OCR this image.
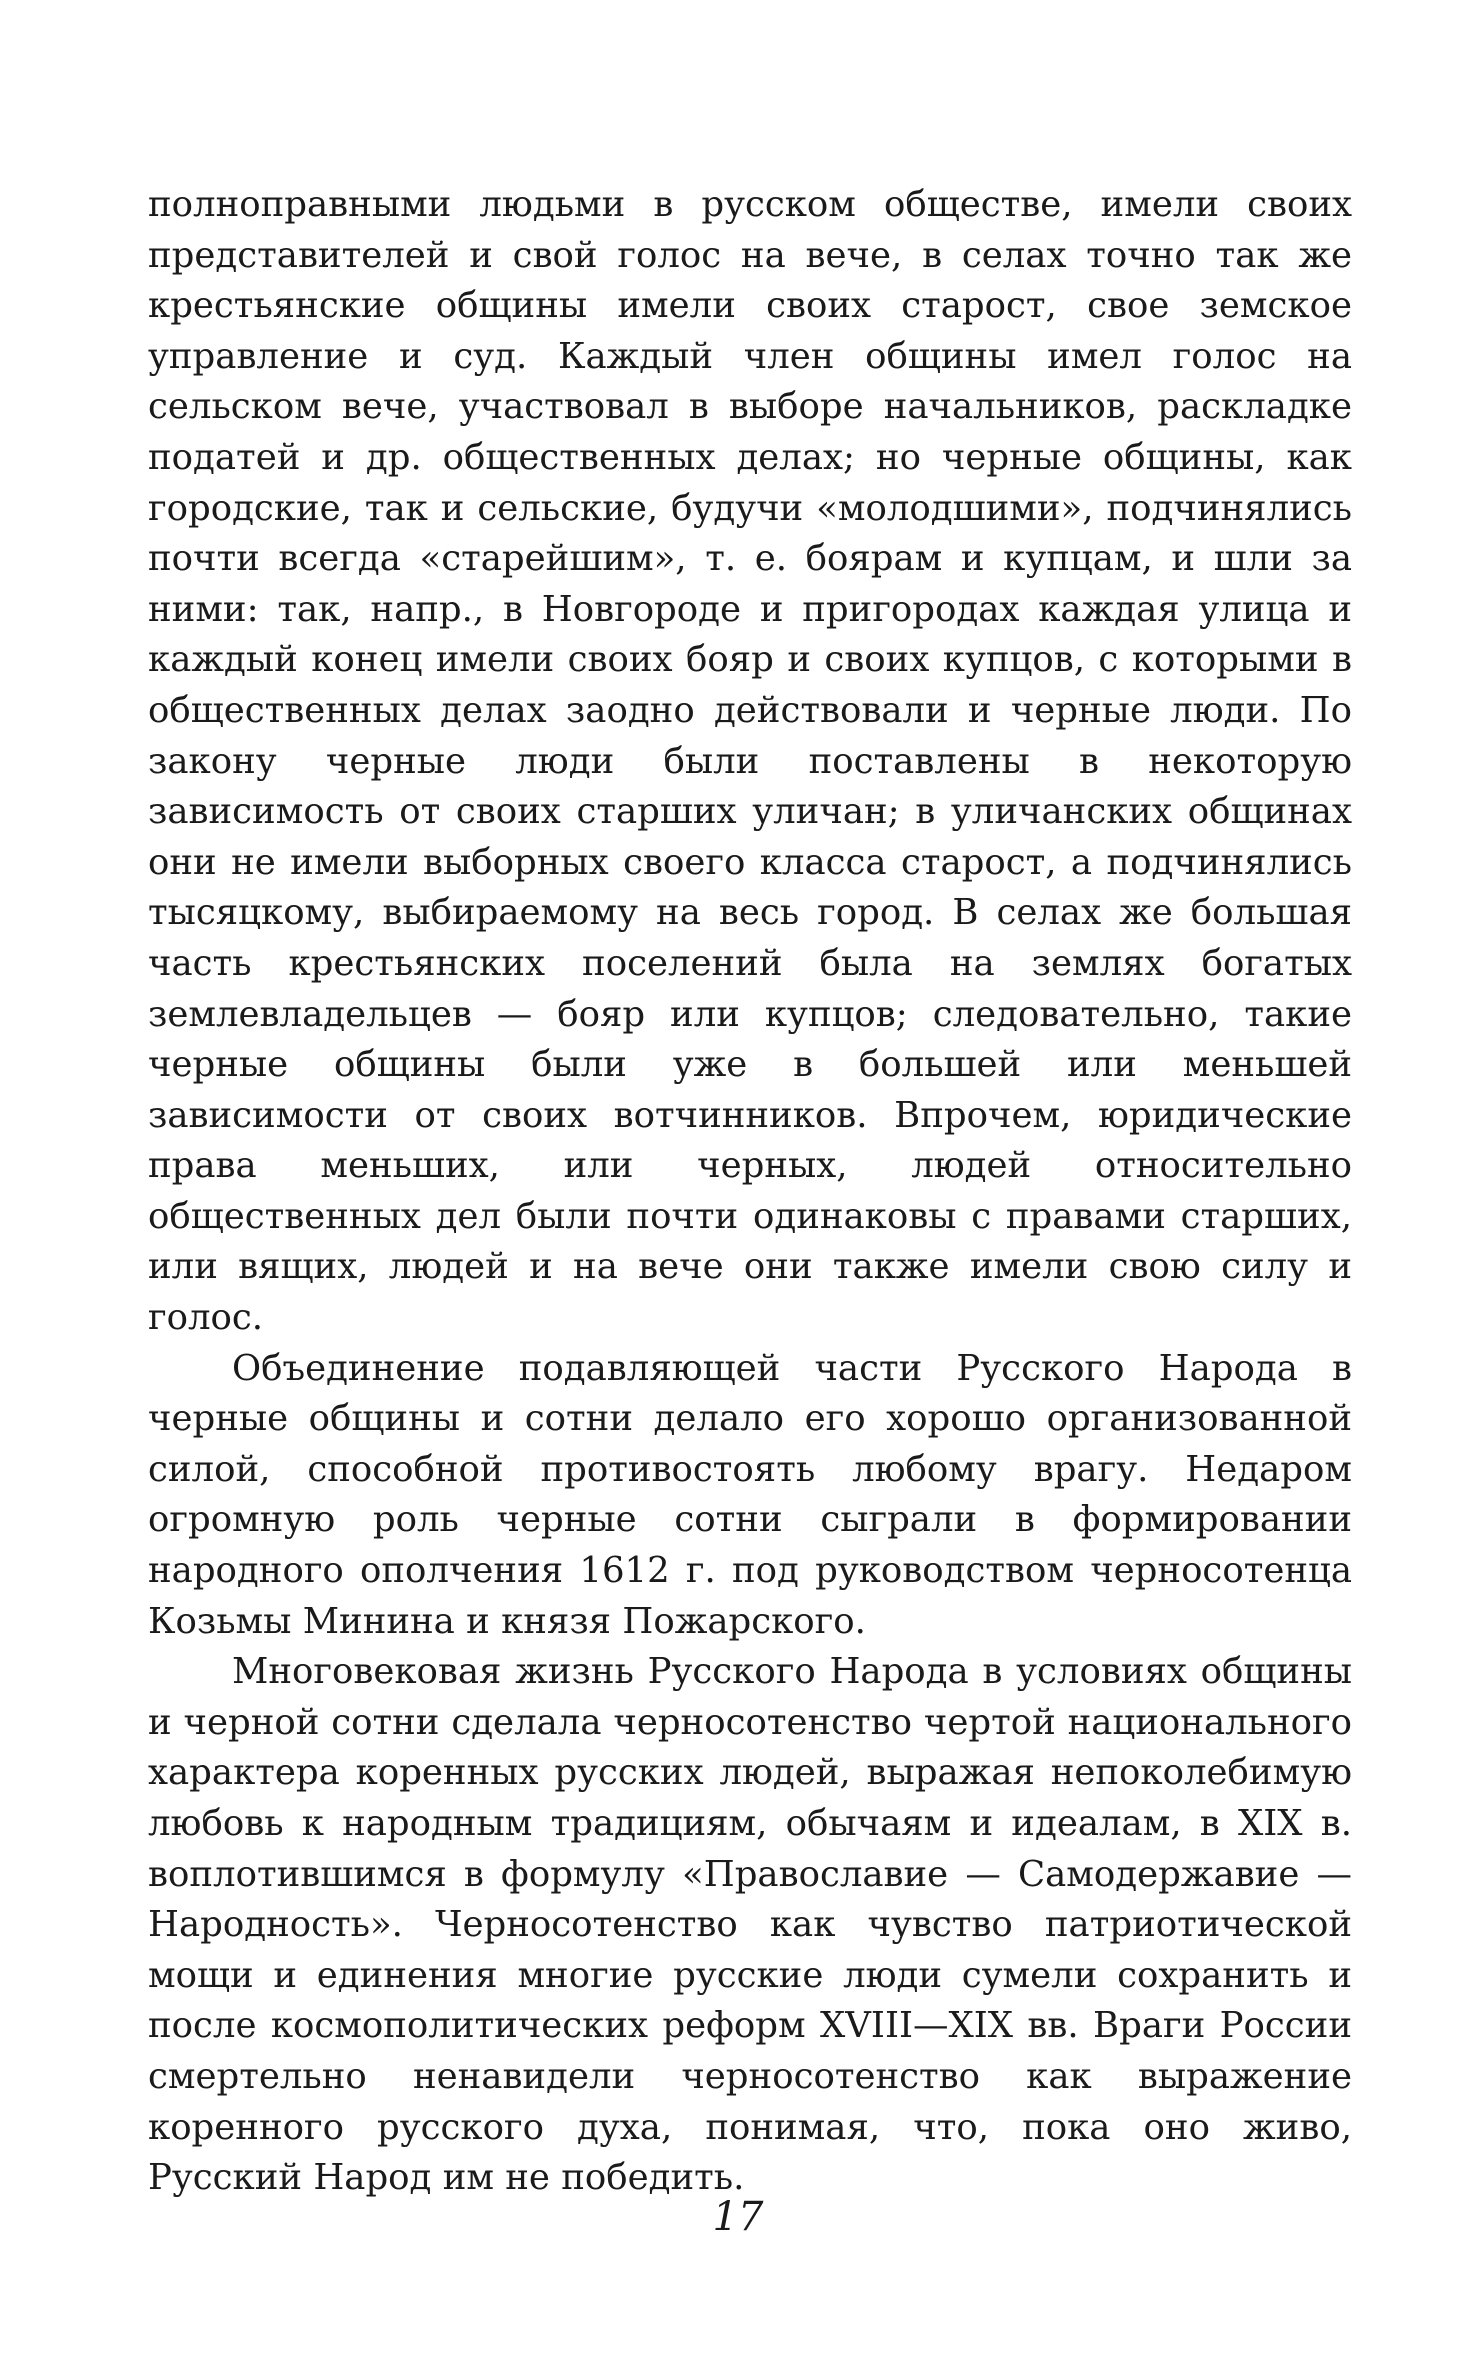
полноправными людьми в русском обществе, имели своих представителей и свой голос на вече, в селах точно так же крестьянские общины имели своих старост, свое земское управление и суд. Каждый член общины имел голос на сельском вече, участвовал в выборе начальников, раскладке податей и др. общественных делах; но черные общины, как городские, так и сельские, будучи «молодшими», подчинялись почти всегда «старейшим», т. е. боярам и купцам, и шли за ними: так, напр., в Новгороде и пригородах каждая улица и каждый конец имели своих бояр и своих купцов, с которыми в общественных делах заодно действовали и черные люди. По закону черные люди были поставлены в некоторую зависимость от своих старших уличан; в уличанских общинах они не имели выборных своего класса старост, а подчинялись тысяцкому, выбираемому на весь город. В селах же большая часть крестьянских поселений была на землях богатых землевладельцев — бояр или купцов; следовательно, такие черные общины были уже в большей или меньшей зависимости от своих вотчинников. Впрочем, юридические права меньших, или черных, людей относительно общественных дел были почти одинаковы с правами старших, или вящих, людей и на вече они также имели свою силу и голос.

Объединение подавляющей части Русского Народа в черные общины и сотни делало его хорошо организованной силой, способной противостоять любому врагу. Недаром огромную роль черные сотни сыграли в формировании народного ополчения 1612 г. под руководством черносотенца Козьмы Минина и князя Пожарского.

Многовековая жизнь Русского Народа в условиях общины и черной сотни сделала черносотенство чертой национального характера коренных русских людей, выражая непоколебимую любовь к народным традициям, обычаям и идеалам, в XIX в. воплотившимся в формулу «Православие — Самодержавие — Народность». Черносотенство как чувство патриотической мощи и единения многие русские люди сумели сохранить и после космополитических реформ XVIII—XIX вв. Враги России смертельно ненавидели черносотенство как выражение коренного русского духа, понимая, что, пока оно живо, Русский Народ им не победить.

17
